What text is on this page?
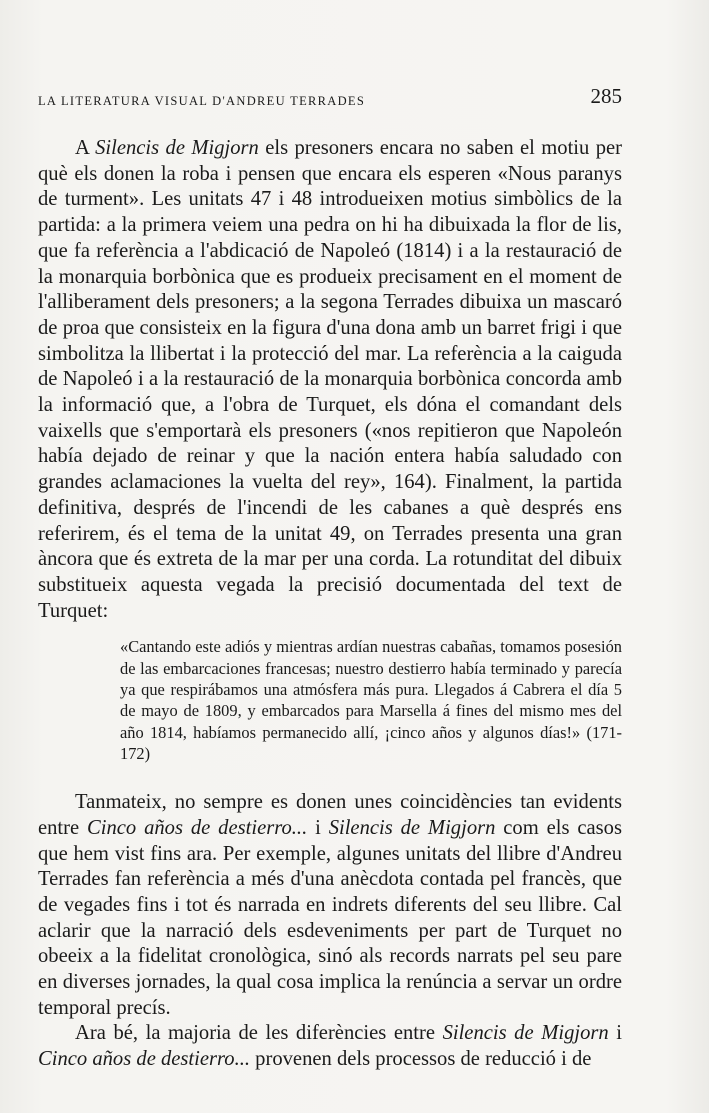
LA LITERATURA VISUAL D'ANDREU TERRADES	285

A Silencis de Migjorn els presoners encara no saben el motiu per què els donen la roba i pensen que encara els esperen «Nous paranys de turment». Les unitats 47 i 48 introdueixen motius simbòlics de la partida: a la primera veiem una pedra on hi ha dibuixada la flor de lis, que fa referència a l'abdicació de Napoleó (1814) i a la restauració de la monarquia borbònica que es produeix precisament en el moment de l'alliberament dels presoners; a la segona Terrades dibuixa un mascaró de proa que consisteix en la figura d'una dona amb un barret frigi i que simbolitza la llibertat i la protecció del mar. La referència a la caiguda de Napoleó i a la restauració de la monarquia borbònica concorda amb la informació que, a l'obra de Turquet, els dóna el comandant dels vaixells que s'emportarà els presoners («nos repitieron que Napoleón había dejado de reinar y que la nación entera había saludado con grandes aclamaciones la vuelta del rey», 164). Finalment, la partida definitiva, després de l'incendi de les cabanes a què després ens referirem, és el tema de la unitat 49, on Terrades presenta una gran àncora que és extreta de la mar per una corda. La rotunditat del dibuix substitueix aquesta vegada la precisió documentada del text de Turquet:

«Cantando este adiós y mientras ardían nuestras cabañas, tomamos posesión de las embarcaciones francesas; nuestro destierro había terminado y parecía ya que respirábamos una atmósfera más pura. Llegados á Cabrera el día 5 de mayo de 1809, y embarcados para Marsella á fines del mismo mes del año 1814, habíamos permanecido allí, ¡cinco años y algunos días!» (171-172)

Tanmateix, no sempre es donen unes coincidències tan evidents entre Cinco años de destierro... i Silencis de Migjorn com els casos que hem vist fins ara. Per exemple, algunes unitats del llibre d'Andreu Terrades fan referència a més d'una anècdota contada pel francès, que de vegades fins i tot és narrada en indrets diferents del seu llibre. Cal aclarir que la narració dels esdeveniments per part de Turquet no obeeix a la fidelitat cronològica, sinó als records narrats pel seu pare en diverses jornades, la qual cosa implica la renúncia a servar un ordre temporal precís.

Ara bé, la majoria de les diferències entre Silencis de Migjorn i Cinco años de destierro... provenen dels processos de reducció i de
